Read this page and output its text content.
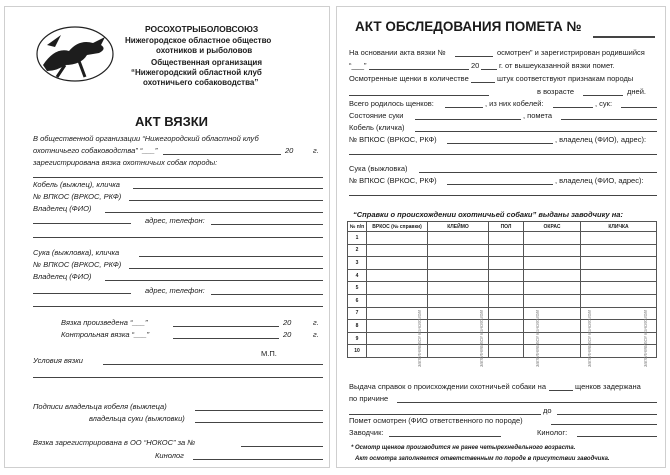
РОСОХОТРЫБОЛОВСОЮЗ
Нижегородское областное общество
охотников и рыболовов
Общественная организация
“Нижегородский областной клуб
охотничьего собаководства”
АКТ ВЯЗКИ
В общественной организации “Нижегородский областной клуб
охотничьего собаководства” “___”	20	г.
зарегистрирована вязка охотничьих собак породы:
Кобель (выжлец), кличка
№ ВПКОС (ВРКОС, РКФ)
Владелец (ФИО)
адрес, телефон:
Сука (выжловка), кличка
№ ВПКОС (ВРКОС, РКФ)
Владелец (ФИО)
адрес, телефон:
Вязка произведена “___”	20	г.
Контрольная вязка “___”	20	г.
М.П.
Условия вязки
Подписи владельца кобеля (выжлеца)
владельца суки (выжловки)
Вязка зарегистрирована в ОО “НОКОС” за №
Кинолог
АКТ ОБСЛЕДОВАНИЯ ПОМЕТА №
На основании акта вязки №	осмотрен” и зарегистрирован родившийся
“___”	20	г. от вышеуказанной вязки помет.
Осмотренные щенки в количестве	штук соответствуют признакам породы
в возрасте	дней.
Всего родилось щенков:	, из них кобелей:	, сук:
Состояние суки	, помета
Кобель (кличка)
№ ВПКОС (ВРКОС, РКФ)	, владелец (ФИО), адрес):
Сука (выжловка)
№ ВПКОС (ВРКОС, РКФ)	, владелец (ФИО, адрес):
“Справки о происхождении охотничьей собаки” выданы заводчику на:
№ п/п	ВРКОС (№ справки)	КЛЕЙМО	ПОЛ	ОКРАС	КЛИЧКА
1					
2					
3					
4					
5					
6					
7					
8					
9					
10						заполняется кинологом	заполняется кинологом	заполняется кинологом	заполняется кинологом	заполняется кинологом
Выдача справок о происхождении охотничьей собаки на	щенков задержана
по причине
до
Помет осмотрен (ФИО ответственного по породе)
Заводчик:	Кинолог:
* Осмотр щенков производится не ранее четырехнедельного возраста.
Акт осмотра заполняется ответственным по породе в присутствии заводчика.
